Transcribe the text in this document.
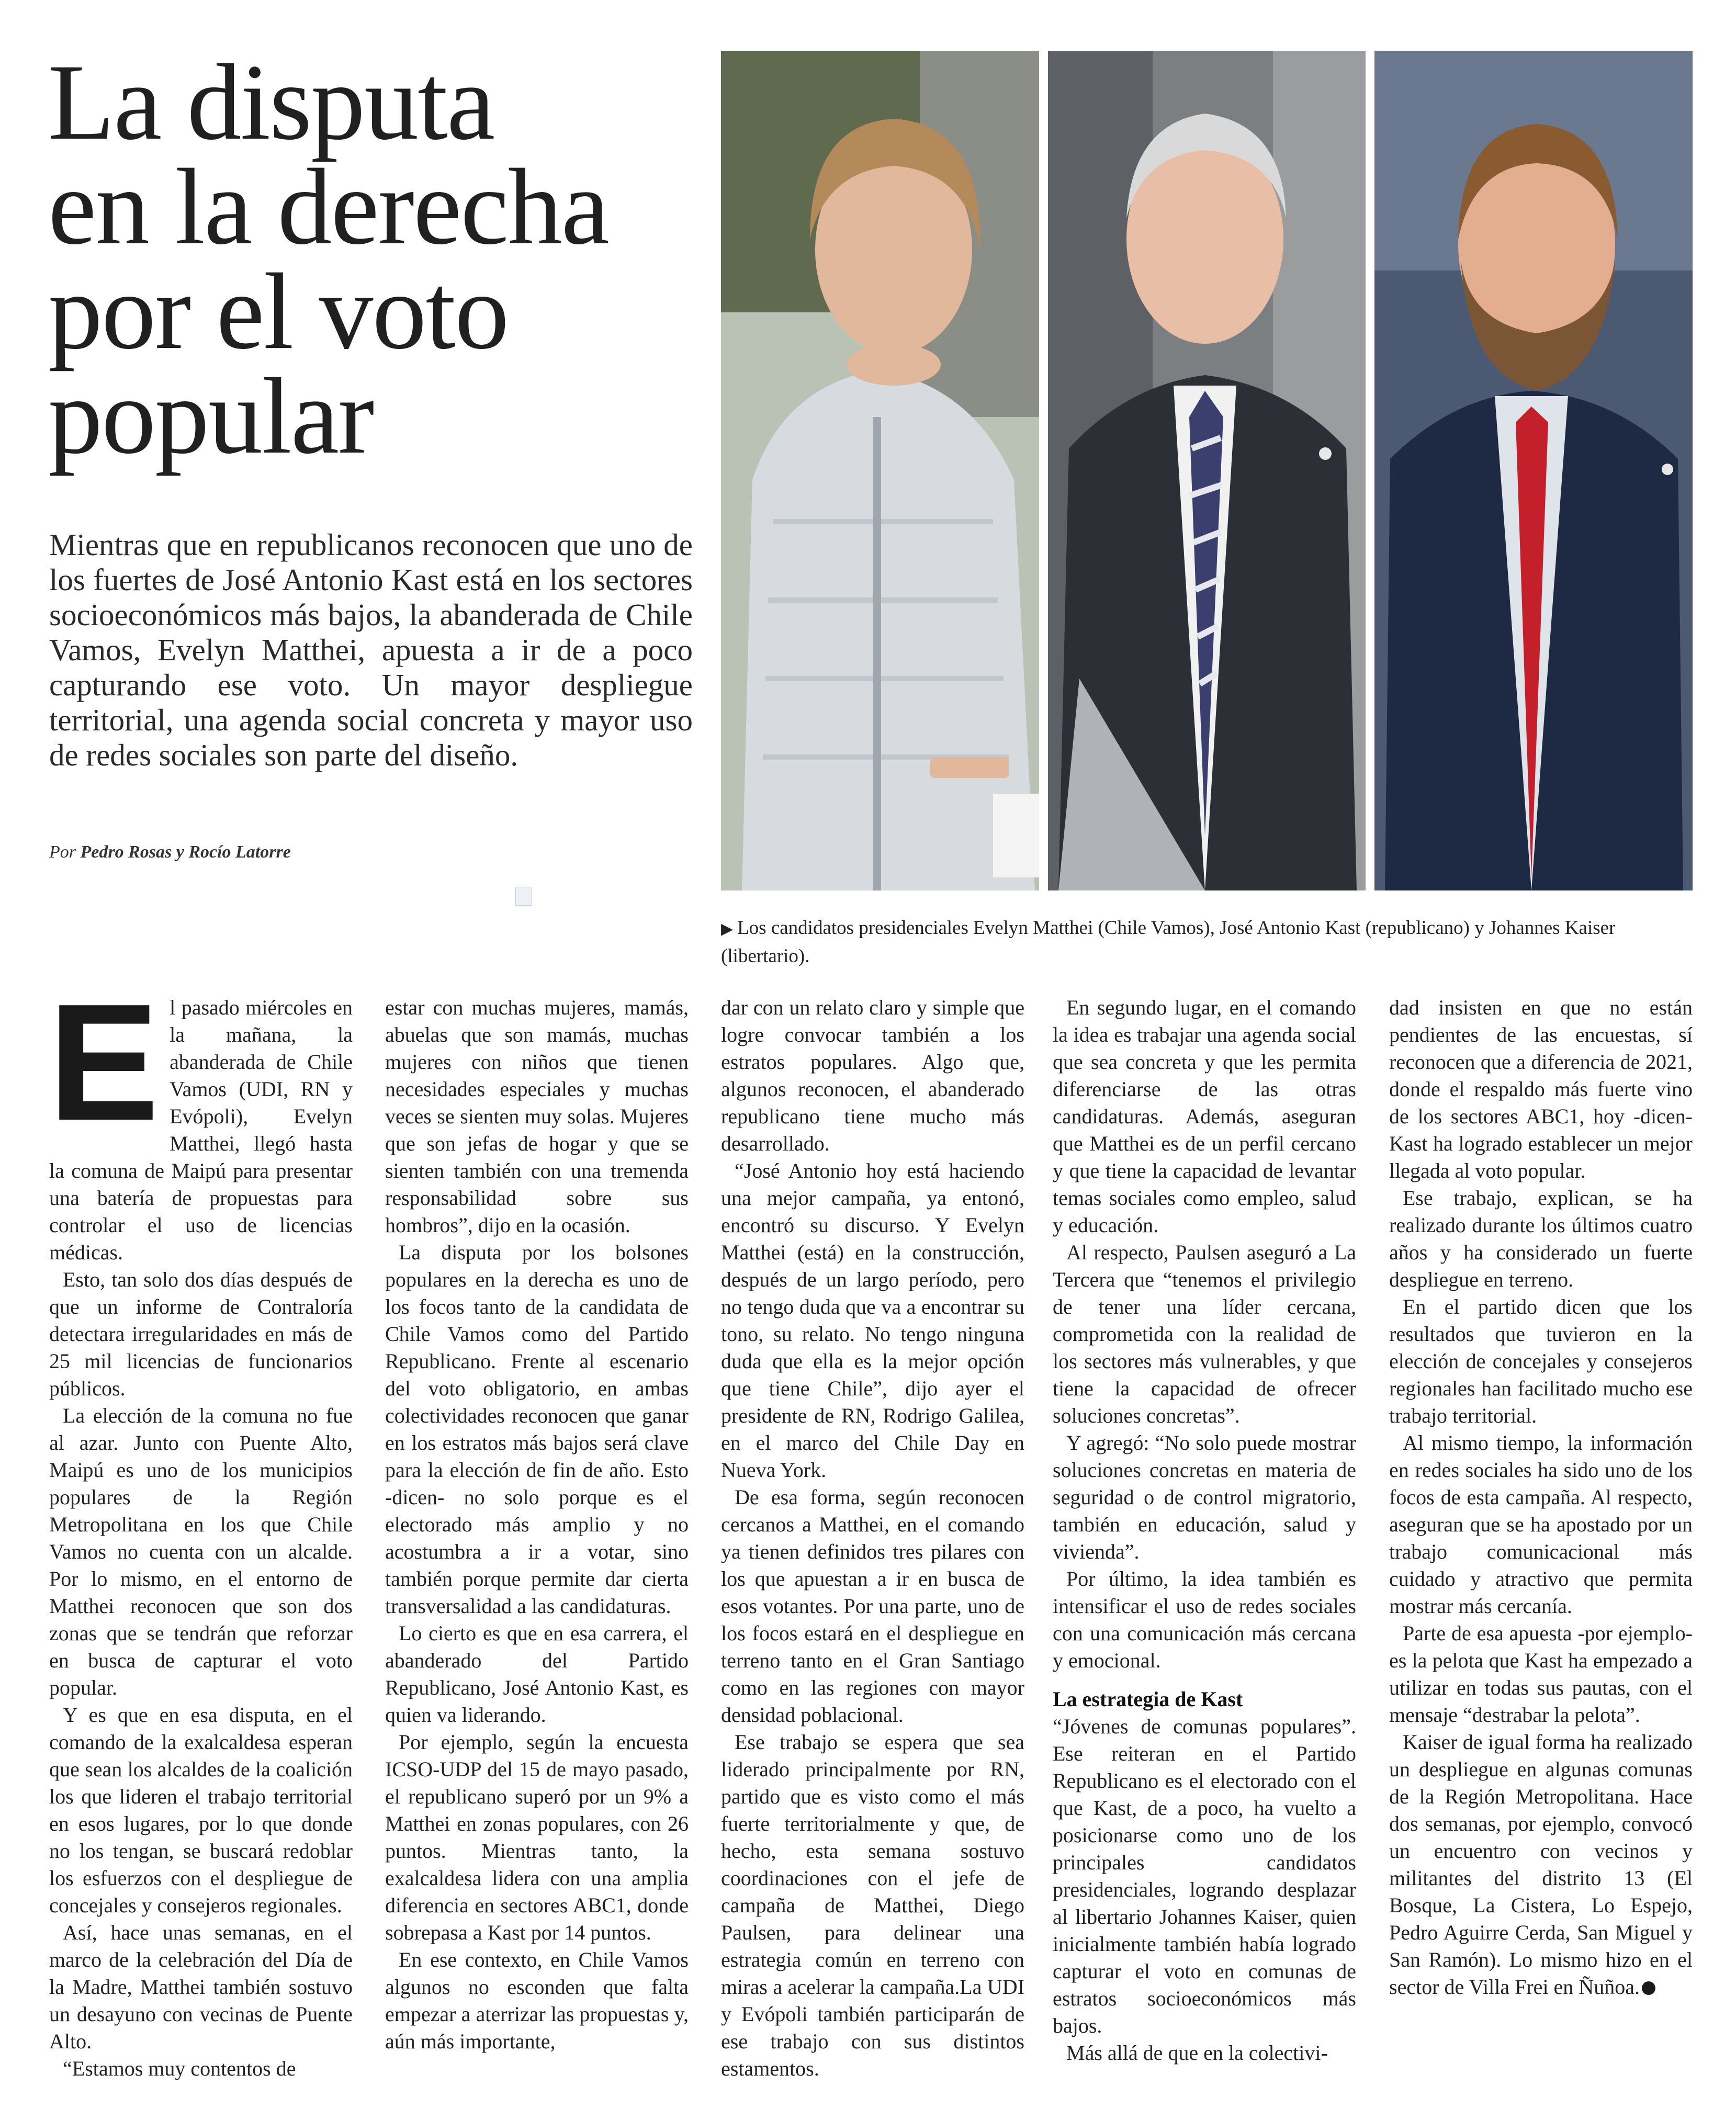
La disputa
en la derecha
por el voto
popular

Mientras que en republicanos reconocen que uno de los fuertes de José Antonio Kast está en los sectores socioeconómicos más bajos, la abanderada de Chile Vamos, Evelyn Matthei, apuesta a ir de a poco capturando ese voto. Un mayor despliegue territorial, una agenda social concreta y mayor uso de redes sociales son parte del diseño.

Por Pedro Rosas y Rocío Latorre
▶ Los candidatos presidenciales Evelyn Matthei (Chile Vamos), José Antonio Kast (republicano) y Johannes Kaiser (libertario).

El pasado miércoles en la mañana, la abanderada de Chile Vamos (UDI, RN y Evópoli), Evelyn Matthei, llegó hasta la comuna de Maipú para presentar una batería de propuestas para controlar el uso de licencias médicas.

Esto, tan solo dos días después de que un informe de Contraloría detectara irregularidades en más de 25 mil licencias de funcionarios públicos.

La elección de la comuna no fue al azar. Junto con Puente Alto, Maipú es uno de los municipios populares de la Región Metropolitana en los que Chile Vamos no cuenta con un alcalde. Por lo mismo, en el entorno de Matthei reconocen que son dos zonas que se tendrán que reforzar en busca de capturar el voto popular.

Y es que en esa disputa, en el comando de la exalcaldesa esperan que sean los alcaldes de la coalición los que lideren el trabajo territorial en esos lugares, por lo que donde no los tengan, se buscará redoblar los esfuerzos con el despliegue de concejales y consejeros regionales.

Así, hace unas semanas, en el marco de la celebración del Día de la Madre, Matthei también sostuvo un desayuno con vecinas de Puente Alto.

“Estamos muy contentos de

estar con muchas mujeres, mamás, abuelas que son mamás, muchas mujeres con niños que tienen necesidades especiales y muchas veces se sienten muy solas. Mujeres que son jefas de hogar y que se sienten también con una tremenda responsabilidad sobre sus hombros”, dijo en la ocasión.

La disputa por los bolsones populares en la derecha es uno de los focos tanto de la candidata de Chile Vamos como del Partido Republicano. Frente al escenario del voto obligatorio, en ambas colectividades reconocen que ganar en los estratos más bajos será clave para la elección de fin de año. Esto -dicen- no solo porque es el electorado más amplio y no acostumbra a ir a votar, sino también porque permite dar cierta transversalidad a las candidaturas.

Lo cierto es que en esa carrera, el abanderado del Partido Republicano, José Antonio Kast, es quien va liderando.

Por ejemplo, según la encuesta ICSO-UDP del 15 de mayo pasado, el republicano superó por un 9% a Matthei en zonas populares, con 26 puntos. Mientras tanto, la exalcaldesa lidera con una amplia diferencia en sectores ABC1, donde sobrepasa a Kast por 14 puntos.

En ese contexto, en Chile Vamos algunos no esconden que falta empezar a aterrizar las propuestas y, aún más importante,

dar con un relato claro y simple que logre convocar también a los estratos populares. Algo que, algunos reconocen, el abanderado republicano tiene mucho más desarrollado.

“José Antonio hoy está haciendo una mejor campaña, ya entonó, encontró su discurso. Y Evelyn Matthei (está) en la construcción, después de un largo período, pero no tengo duda que va a encontrar su tono, su relato. No tengo ninguna duda que ella es la mejor opción que tiene Chile”, dijo ayer el presidente de RN, Rodrigo Galilea, en el marco del Chile Day en Nueva York.

De esa forma, según reconocen cercanos a Matthei, en el comando ya tienen definidos tres pilares con los que apuestan a ir en busca de esos votantes. Por una parte, uno de los focos estará en el despliegue en terreno tanto en el Gran Santiago como en las regiones con mayor densidad poblacional.

Ese trabajo se espera que sea liderado principalmente por RN, partido que es visto como el más fuerte territorialmente y que, de hecho, esta semana sostuvo coordinaciones con el jefe de campaña de Matthei, Diego Paulsen, para delinear una estrategia común en terreno con miras a acelerar la campaña.La UDI y Evópoli también participarán de ese trabajo con sus distintos estamentos.

En segundo lugar, en el comando la idea es trabajar una agenda social que sea concreta y que les permita diferenciarse de las otras candidaturas. Además, aseguran que Matthei es de un perfil cercano y que tiene la capacidad de levantar temas sociales como empleo, salud y educación.

Al respecto, Paulsen aseguró a La Tercera que “tenemos el privilegio de tener una líder cercana, comprometida con la realidad de los sectores más vulnerables, y que tiene la capacidad de ofrecer soluciones concretas”.

Y agregó: “No solo puede mostrar soluciones concretas en materia de seguridad o de control migratorio, también en educación, salud y vivienda”.

Por último, la idea también es intensificar el uso de redes sociales con una comunicación más cercana y emocional.

La estrategia de Kast

“Jóvenes de comunas populares”. Ese reiteran en el Partido Republicano es el electorado con el que Kast, de a poco, ha vuelto a posicionarse como uno de los principales candidatos presidenciales, logrando desplazar al libertario Johannes Kaiser, quien inicialmente también había logrado capturar el voto en comunas de estratos socioeconómicos más bajos.

Más allá de que en la colectivi-

dad insisten en que no están pendientes de las encuestas, sí reconocen que a diferencia de 2021, donde el respaldo más fuerte vino de los sectores ABC1, hoy -dicen- Kast ha logrado establecer un mejor llegada al voto popular.

Ese trabajo, explican, se ha realizado durante los últimos cuatro años y ha considerado un fuerte despliegue en terreno.

En el partido dicen que los resultados que tuvieron en la elección de concejales y consejeros regionales han facilitado mucho ese trabajo territorial.

Al mismo tiempo, la información en redes sociales ha sido uno de los focos de esta campaña. Al respecto, aseguran que se ha apostado por un trabajo comunicacional más cuidado y atractivo que permita mostrar más cercanía.

Parte de esa apuesta -por ejemplo- es la pelota que Kast ha empezado a utilizar en todas sus pautas, con el mensaje “destrabar la pelota”.

Kaiser de igual forma ha realizado un despliegue en algunas comunas de la Región Metropolitana. Hace dos semanas, por ejemplo, convocó un encuentro con vecinos y militantes del distrito 13 (El Bosque, La Cistera, Lo Espejo, Pedro Aguirre Cerda, San Miguel y San Ramón). Lo mismo hizo en el sector de Villa Frei en Ñuñoa.
